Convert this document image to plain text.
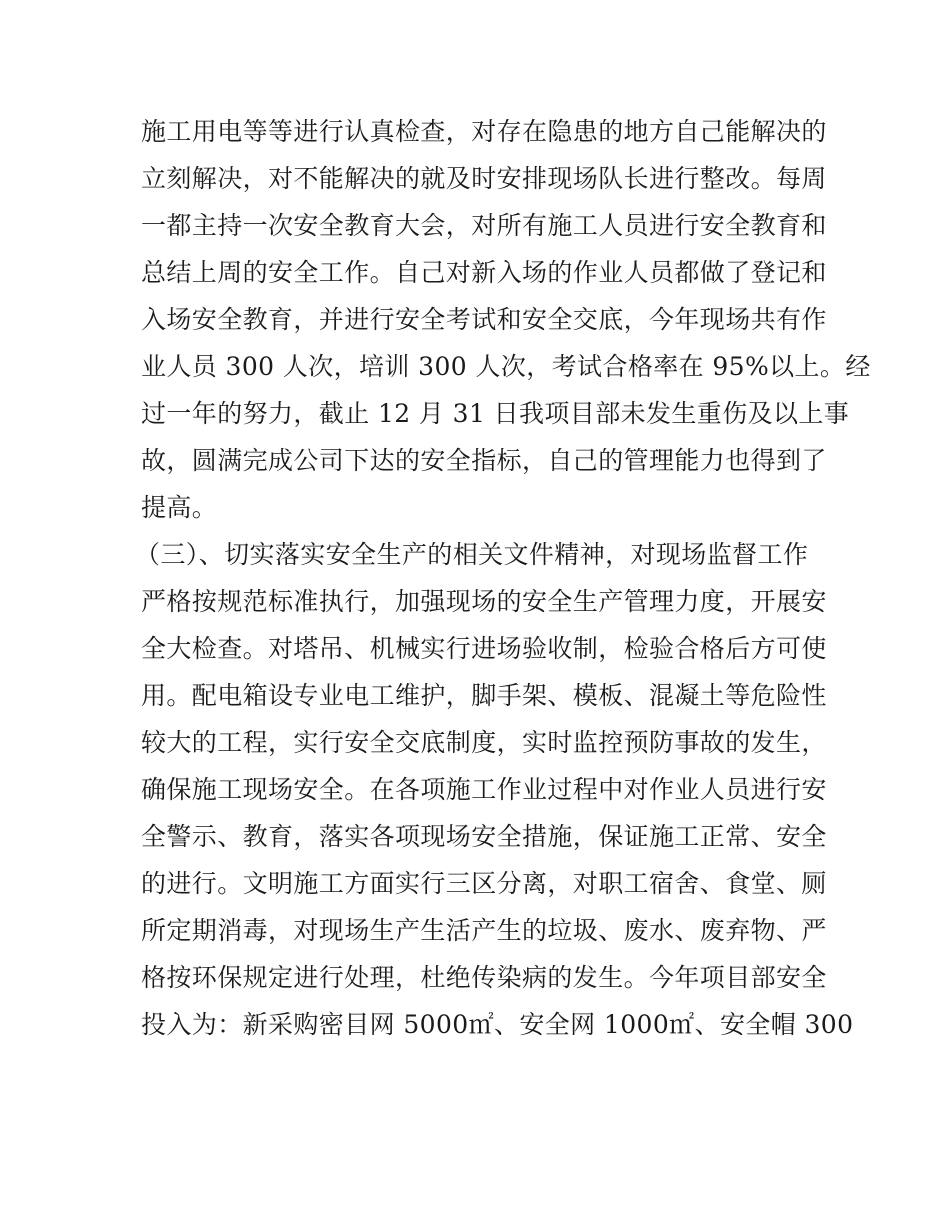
施工用电等等进行认真检查，对存在隐患的地方自己能解决的
立刻解决，对不能解决的就及时安排现场队长进行整改。每周
一都主持一次安全教育大会，对所有施工人员进行安全教育和
总结上周的安全工作。自己对新入场的作业人员都做了登记和
入场安全教育，并进行安全考试和安全交底，今年现场共有作
业人员 300 人次，培训 300 人次，考试合格率在 95%以上。经
过一年的努力，截止 12 月 31 日我项目部未发生重伤及以上事
故，圆满完成公司下达的安全指标，自己的管理能力也得到了
提高。
（三）、切实落实安全生产的相关文件精神，对现场监督工作
严格按规范标准执行，加强现场的安全生产管理力度，开展安
全大检查。对塔吊、机械实行进场验收制，检验合格后方可使
用。配电箱设专业电工维护，脚手架、模板、混凝土等危险性
较大的工程，实行安全交底制度，实时监控预防事故的发生，
确保施工现场安全。在各项施工作业过程中对作业人员进行安
全警示、教育，落实各项现场安全措施，保证施工正常、安全
的进行。文明施工方面实行三区分离，对职工宿舍、食堂、厕
所定期消毒，对现场生产生活产生的垃圾、废水、废弃物、严
格按环保规定进行处理，杜绝传染病的发生。今年项目部安全
投入为：新采购密目网 5000㎡、安全网 1000㎡、安全帽 300
